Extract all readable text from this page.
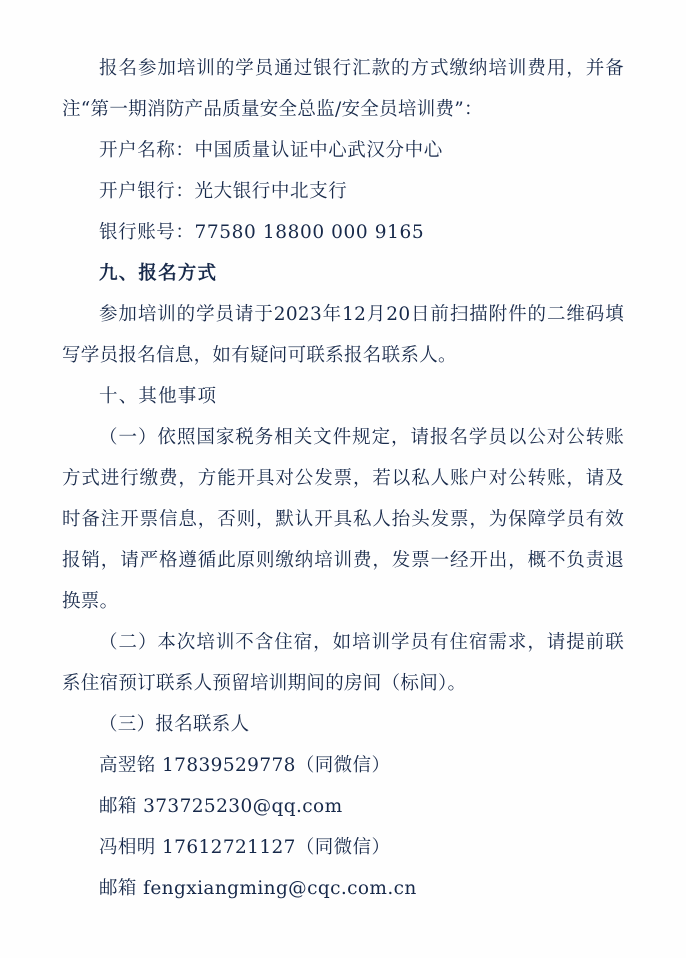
报名参加培训的学员通过银行汇款的方式缴纳培训费用，并备注“第一期消防产品质量安全总监/安全员培训费”：

开户名称：中国质量认证中心武汉分中心

开户银行：光大银行中北支行

银行账号：77580 18800 000 9165

九、报名方式

参加培训的学员请于2023年12月20日前扫描附件的二维码填写学员报名信息，如有疑问可联系报名联系人。

十、其他事项

（一）依照国家税务相关文件规定，请报名学员以公对公转账方式进行缴费，方能开具对公发票，若以私人账户对公转账，请及时备注开票信息，否则，默认开具私人抬头发票，为保障学员有效报销，请严格遵循此原则缴纳培训费，发票一经开出，概不负责退换票。

（二）本次培训不含住宿，如培训学员有住宿需求，请提前联系住宿预订联系人预留培训期间的房间（标间）。

（三）报名联系人

高翌铭 17839529778（同微信）

邮箱 373725230@qq.com

冯相明 17612721127（同微信）

邮箱 fengxiangming@cqc.com.cn
